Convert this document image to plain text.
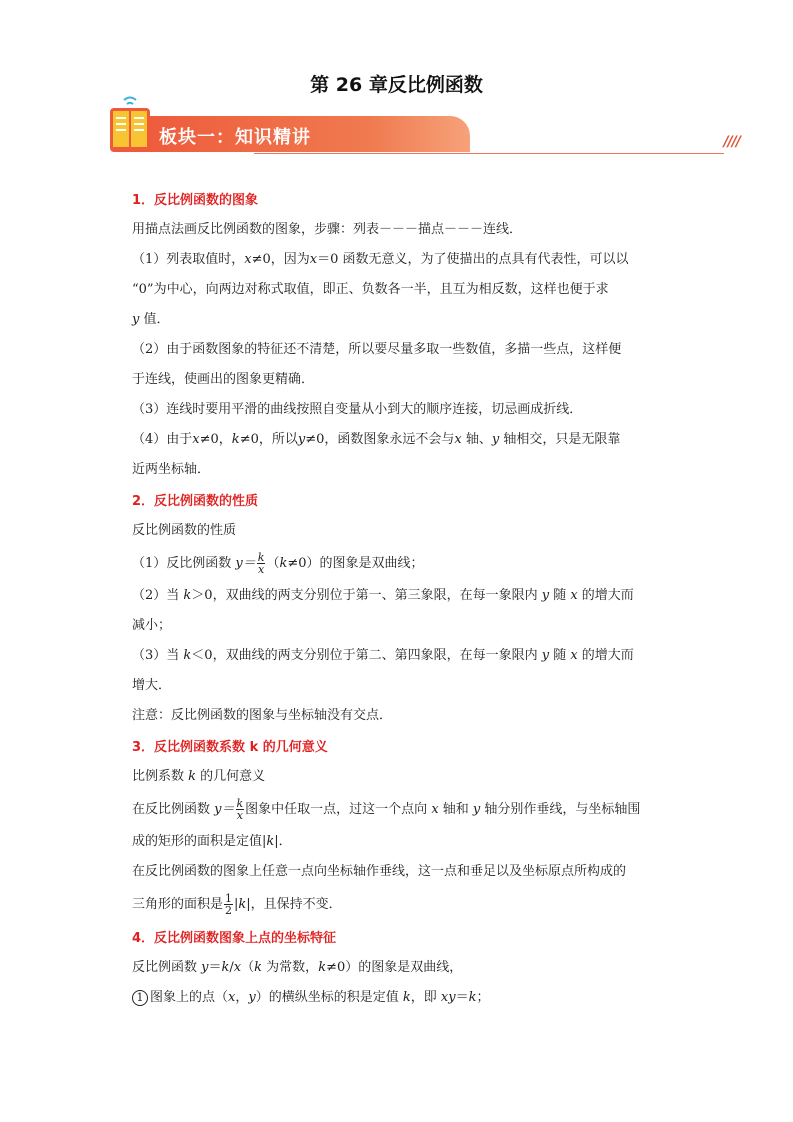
第 26 章反比例函数
板块一：知识精讲	////
1．反比例函数的图象
用描点法画反比例函数的图象，步骤：列表－－－描点－－－连线．
（1）列表取值时，x≠0，因为x＝0 函数无意义，为了使描出的点具有代表性，可以以
“0”为中心，向两边对称式取值，即正、负数各一半，且互为相反数，这样也便于求
y 值．
（2）由于函数图象的特征还不清楚，所以要尽量多取一些数值，多描一些点，这样便
于连线，使画出的图象更精确．
（3）连线时要用平滑的曲线按照自变量从小到大的顺序连接，切忌画成折线．
（4）由于x≠0，k≠0，所以y≠0，函数图象永远不会与x 轴、y 轴相交，只是无限靠
近两坐标轴．
2．反比例函数的性质
反比例函数的性质
（1）反比例函数 $y= \frac{k}{x} (k\ne 0)$的图象是双曲线；
（2）当 k＞0，双曲线的两支分别位于第一、第三象限，在每一象限内 y 随 x 的增大而
减小；
（3）当 k＜0，双曲线的两支分别位于第二、第四象限，在每一象限内 y 随 x 的增大而
增大．
注意：反比例函数的图象与坐标轴没有交点．
3．反比例函数系数 k 的几何意义
比例系数 k 的几何意义
在反比例函数 $y= \frac{k}{x}$ 图象中任取一点，过这一个点向 x 轴和 y 轴分别作垂线，与坐标轴围
成的矩形的面积是定值|k|．
在反比例函数的图象上任意一点向坐标轴作垂线，这一点和垂足以及坐标原点所构成的
三角形的面积是 $\frac{1}{2} |k|$，且保持不变．
4．反比例函数图象上点的坐标特征
反比例函数 y＝k/x（k 为常数，k≠0）的图象是双曲线，
1 图象上的点（x，y）的横纵坐标的积是定值 k，即 xy＝k；
